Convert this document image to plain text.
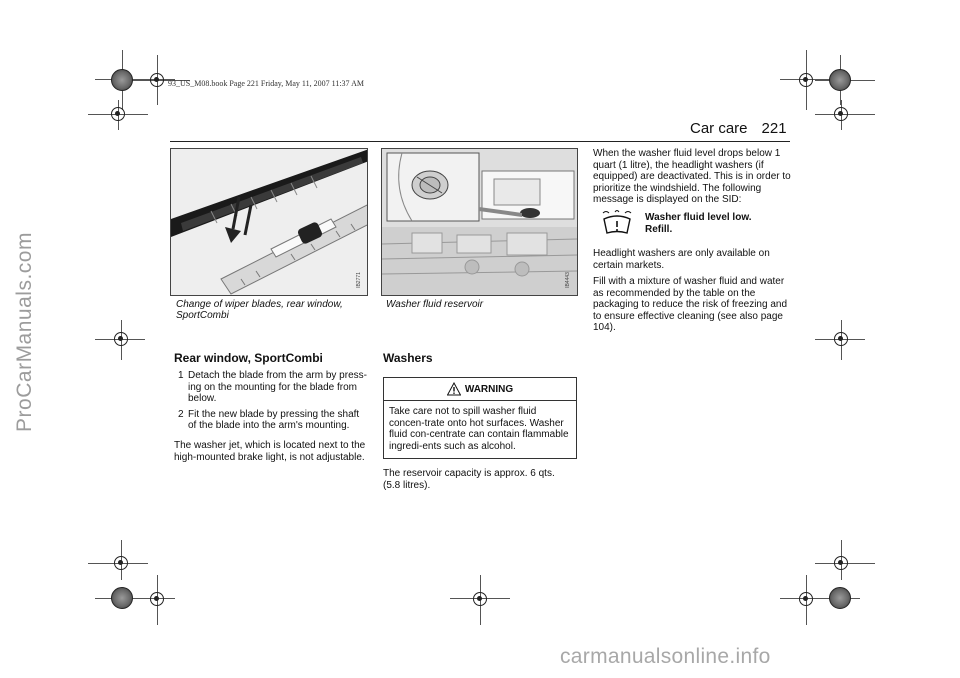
ProCarManuals.com
93_US_M08.book Page 221 Friday, May 11, 2007 11:37 AM
Car care 221
IB2771
Change of wiper blades, rear window, SportCombi
IB4443
Washer fluid reservoir
Rear window, SportCombi
1 Detach the blade from the arm by press-ing on the mounting for the blade from below.
2 Fit the new blade by pressing the shaft of the blade into the arm's mounting.
The washer jet, which is located next to the high-mounted brake light, is not adjustable.
Washers
WARNING
Take care not to spill washer fluid concen-trate onto hot surfaces. Washer fluid con-centrate can contain flammable ingredi-ents such as alcohol.
The reservoir capacity is approx. 6 qts. (5.8 litres).
When the washer fluid level drops below 1 quart (1 litre), the headlight washers (if equipped) are deactivated. This is in order to prioritize the windshield. The following message is displayed on the SID:
Washer fluid level low.
Refill.
Headlight washers are only available on certain markets.
Fill with a mixture of washer fluid and water as recommended by the table on the packaging to reduce the risk of freezing and to ensure effective cleaning (see also page 104).
carmanualsonline.info
